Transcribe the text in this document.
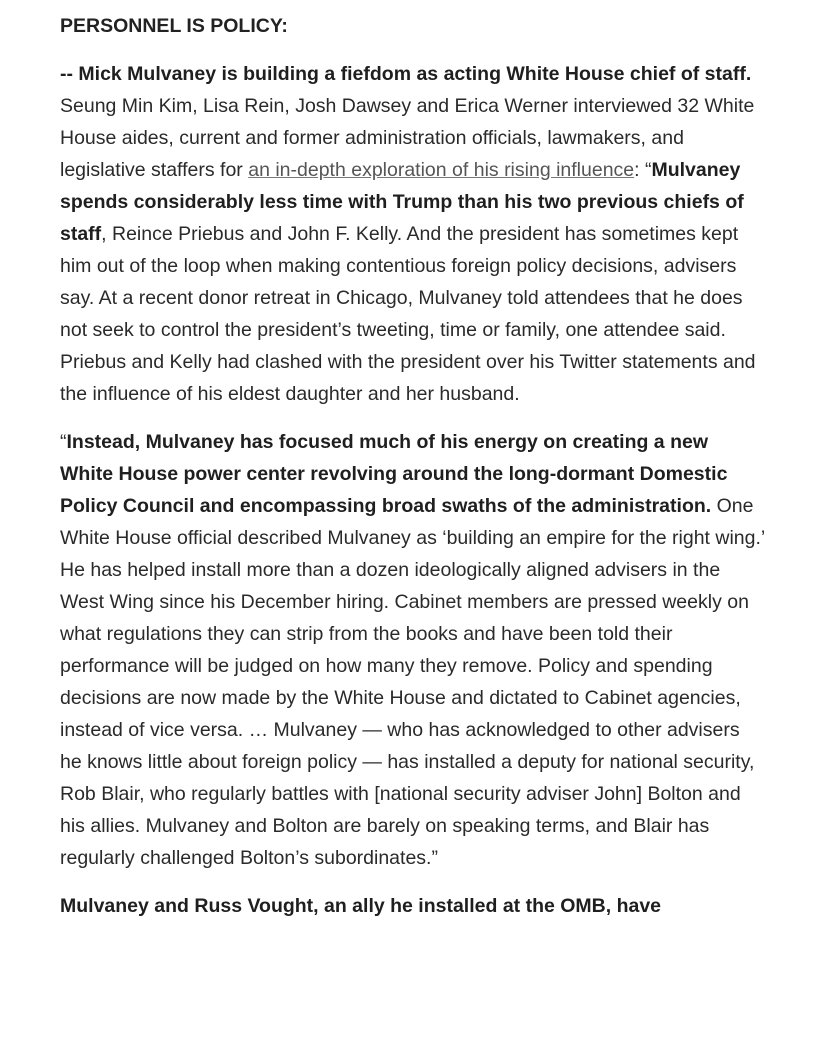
PERSONNEL IS POLICY:

-- Mick Mulvaney is building a fiefdom as acting White House chief of staff. Seung Min Kim, Lisa Rein, Josh Dawsey and Erica Werner interviewed 32 White House aides, current and former administration officials, lawmakers, and legislative staffers for an in-depth exploration of his rising influence: “Mulvaney spends considerably less time with Trump than his two previous chiefs of staff, Reince Priebus and John F. Kelly. And the president has sometimes kept him out of the loop when making contentious foreign policy decisions, advisers say. At a recent donor retreat in Chicago, Mulvaney told attendees that he does not seek to control the president’s tweeting, time or family, one attendee said. Priebus and Kelly had clashed with the president over his Twitter statements and the influence of his eldest daughter and her husband.

“Instead, Mulvaney has focused much of his energy on creating a new White House power center revolving around the long-dormant Domestic Policy Council and encompassing broad swaths of the administration. One White House official described Mulvaney as ‘building an empire for the right wing.’ He has helped install more than a dozen ideologically aligned advisers in the West Wing since his December hiring. Cabinet members are pressed weekly on what regulations they can strip from the books and have been told their performance will be judged on how many they remove. Policy and spending decisions are now made by the White House and dictated to Cabinet agencies, instead of vice versa. … Mulvaney — who has acknowledged to other advisers he knows little about foreign policy — has installed a deputy for national security, Rob Blair, who regularly battles with [national security adviser John] Bolton and his allies. Mulvaney and Bolton are barely on speaking terms, and Blair has regularly challenged Bolton’s subordinates.”

Mulvaney and Russ Vought, an ally he installed at the OMB, have
